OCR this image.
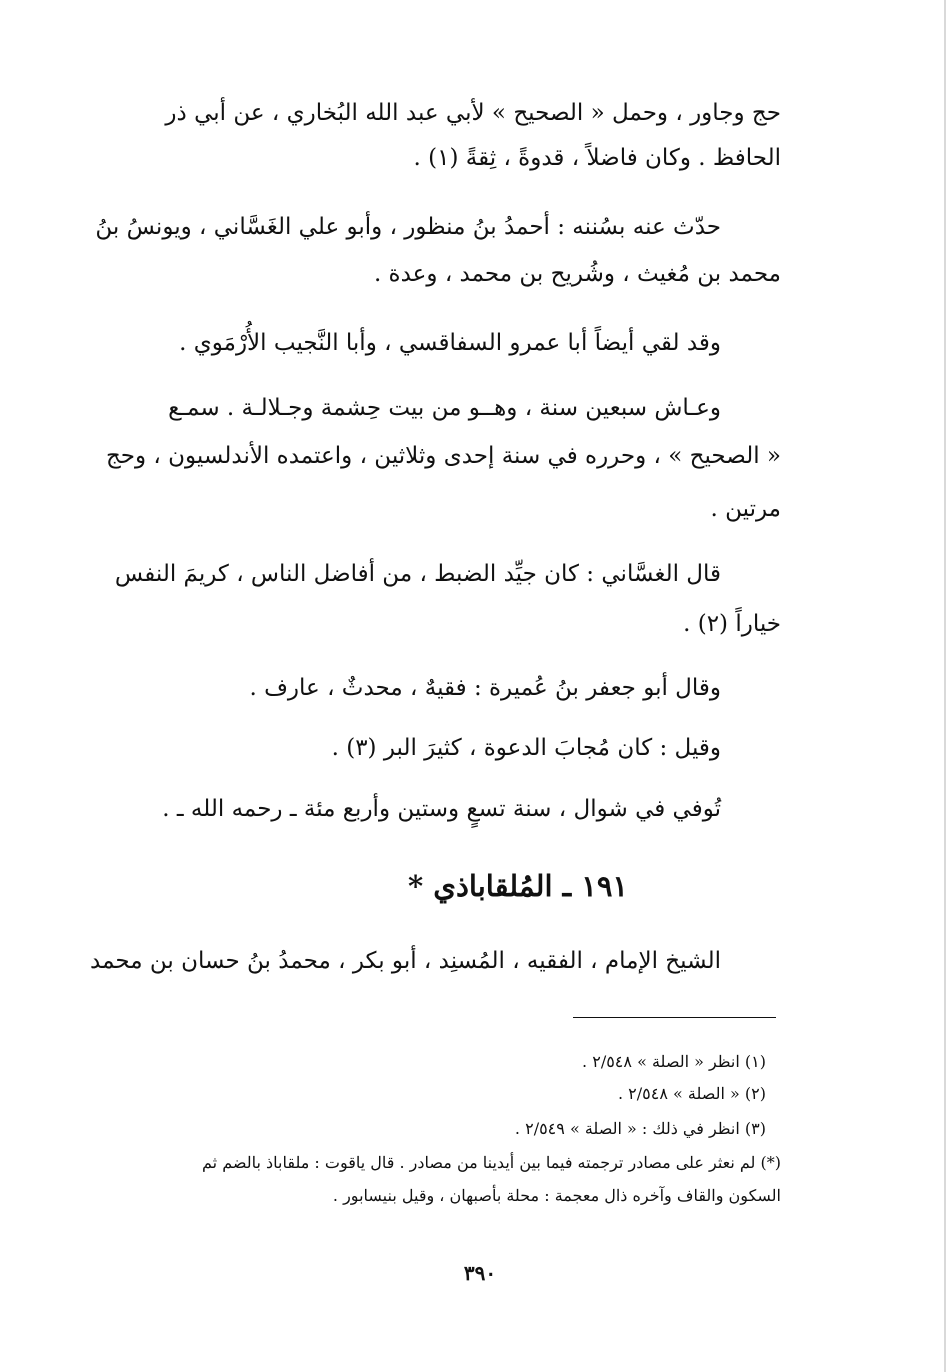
حج وجاور ، وحمل « الصحيح » لأبي عبد الله البُخاري ، عن أبي ذر
الحافظ . وكان فاضلاً ، قدوةً ، ثِقةً (١) .
حدّث عنه بسُننه : أحمدُ بنُ منظور ، وأبو علي الغَسَّاني ، ويونسُ بنُ
محمد بن مُغيث ، وشُريح بن محمد ، وعدة .
وقد لقي أيضاً أبا عمرو السفاقسي ، وأبا النَّجيب الأُرْمَوي .
وعـاش سبعين سنة ، وهــو من بيت حِشمة وجـلالـة . سمـع
« الصحيح » ، وحرره في سنة إحدى وثلاثين ، واعتمده الأندلسيون ، وحج
مرتين .
قال الغسَّاني : كان جيِّد الضبط ، من أفاضل الناس ، كريمَ النفس
خياراً (٢) .
وقال أبو جعفر بنُ عُميرة : فقيهٌ ، محدثٌ ، عارف .
وقيل : كان مُجابَ الدعوة ، كثيرَ البر (٣) .
تُوفي في شوال ، سنة تسعٍ وستين وأربع مئة ـ رحمه الله ـ .
١٩١ ـ المُلقاباذي *
الشيخ الإمام ، الفقيه ، المُسنِد ، أبو بكر ، محمدُ بنُ حسان بن محمد
(١) انظر « الصلة » ٢/٥٤٨ .
(٢) « الصلة » ٢/٥٤٨ .
(٣) انظر في ذلك : « الصلة » ٢/٥٤٩ .
(*) لم نعثر على مصادر ترجمته فيما بين أيدينا من مصادر . قال ياقوت : ملقاباذ بالضم ثم
السكون والقاف وآخره ذال معجمة : محلة بأصبهان ، وقيل بنيسابور .
٣٩٠
